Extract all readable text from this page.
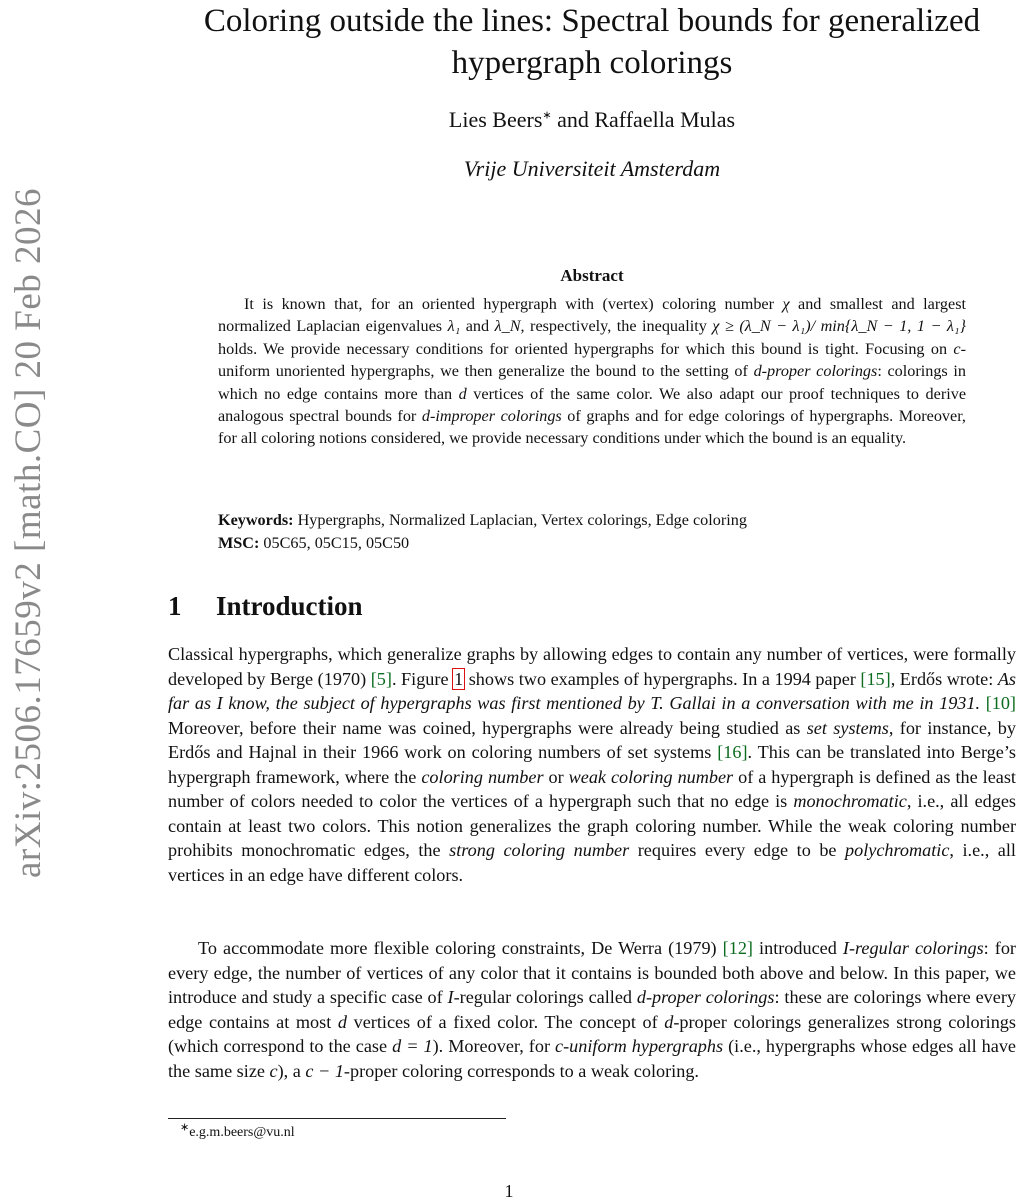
arXiv:2506.17659v2 [math.CO] 20 Feb 2026
Coloring outside the lines: Spectral bounds for generalized
hypergraph colorings
Lies Beers∗ and Raffaella Mulas
Vrije Universiteit Amsterdam
Abstract

It is known that, for an oriented hypergraph with (vertex) coloring number χ and smallest and largest normalized Laplacian eigenvalues λ₁ and λ_N, respectively, the inequality χ ≥ (λ_N − λ₁)/ min{λ_N − 1, 1 − λ₁} holds. We provide necessary conditions for oriented hypergraphs for which this bound is tight. Focusing on c-uniform unoriented hypergraphs, we then generalize the bound to the setting of d-proper colorings: colorings in which no edge contains more than d vertices of the same color. We also adapt our proof techniques to derive analogous spectral bounds for d-improper colorings of graphs and for edge colorings of hypergraphs. Moreover, for all coloring notions considered, we provide necessary conditions under which the bound is an equality.

Keywords: Hypergraphs, Normalized Laplacian, Vertex colorings, Edge coloring
MSC: 05C65, 05C15, 05C50
1 Introduction

Classical hypergraphs, which generalize graphs by allowing edges to contain any number of vertices, were formally developed by Berge (1970) [5]. Figure 1 shows two examples of hypergraphs. In a 1994 paper [15], Erdős wrote: As far as I know, the subject of hypergraphs was first mentioned by T. Gallai in a conversation with me in 1931. [10] Moreover, before their name was coined, hypergraphs were already being studied as set systems, for instance, by Erdős and Hajnal in their 1966 work on coloring numbers of set systems [16]. This can be translated into Berge’s hypergraph framework, where the coloring number or weak coloring number of a hypergraph is defined as the least number of colors needed to color the vertices of a hypergraph such that no edge is monochromatic, i.e., all edges contain at least two colors. This notion generalizes the graph coloring number. While the weak coloring number prohibits monochromatic edges, the strong coloring number requires every edge to be polychromatic, i.e., all vertices in an edge have different colors.

To accommodate more flexible coloring constraints, De Werra (1979) [12] introduced I-regular colorings: for every edge, the number of vertices of any color that it contains is bounded both above and below. In this paper, we introduce and study a specific case of I-regular colorings called d-proper colorings: these are colorings where every edge contains at most d vertices of a fixed color. The concept of d-proper colorings generalizes strong colorings (which correspond to the case d = 1). Moreover, for c-uniform hypergraphs (i.e., hypergraphs whose edges all have the same size c), a c − 1-proper coloring corresponds to a weak coloring.

∗e.g.m.beers@vu.nl
1
